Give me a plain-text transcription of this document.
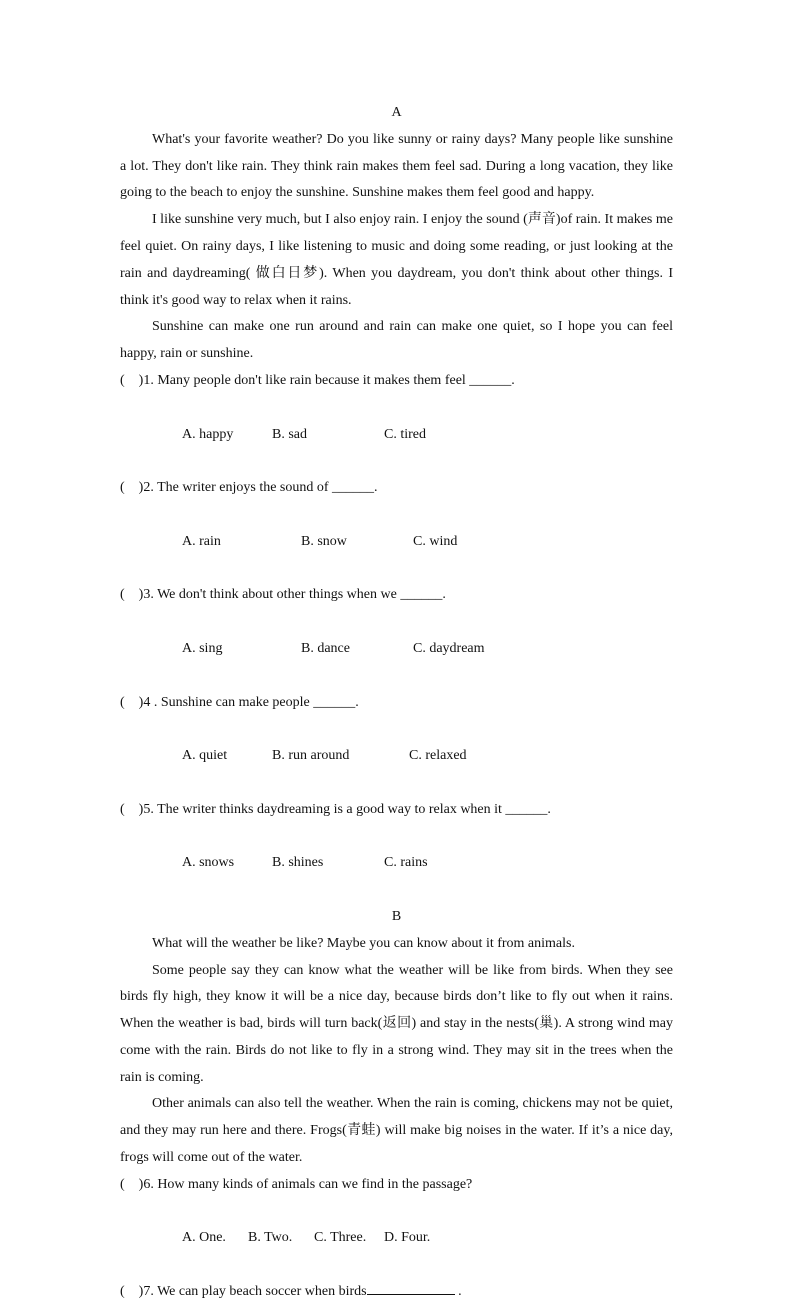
A

What's your favorite weather? Do you like sunny or rainy days? Many people like sunshine a lot. They don't like rain. They think rain makes them feel sad. During a long vacation, they like going to the beach to enjoy the sunshine. Sunshine makes them feel good and happy.

I like sunshine very much, but I also enjoy rain. I enjoy the sound (声音)of rain. It makes me feel quiet. On rainy days, I like listening to music and doing some reading, or just looking at the rain and daydreaming( 做白日梦). When you daydream, you don't think about other things. I think it's good way to relax when it rains.

Sunshine can make one run around and rain can make one quiet, so I hope you can feel happy, rain or sunshine.

(    )1. Many people don't like rain because it makes them feel ______.

A. happy	B. sad	C. tired

(    )2. The writer enjoys the sound of ______.

A. rain	B. snow	C. wind

(    )3. We don't think about other things when we ______.

A. sing	B. dance	C. daydream

(    )4 . Sunshine can make people ______.

A. quiet	B. run around	C. relaxed

(    )5. The writer thinks daydreaming is a good way to relax when it ______.

A. snows	B. shines	C. rains

B

What will the weather be like? Maybe you can know about it from animals.

Some people say they can know what the weather will be like from birds. When they see birds fly high, they know it will be a nice day, because birds don’t like to fly out when it rains. When the weather is bad, birds will turn back(返回) and stay in the nests(巢). A strong wind may come with the rain. Birds do not like to fly in a strong wind. They may sit in the trees when the rain is coming.

Other animals can also tell the weather. When the rain is coming, chickens may not be quiet, and they may run here and there. Frogs(青蛙) will make big noises in the water. If it’s a nice day, frogs will come out of the water.

(    )6. How many kinds of animals can we find in the passage?

A. One. B. Two. C. Three. D. Four.

(    )7. We can play beach soccer when birds	.
